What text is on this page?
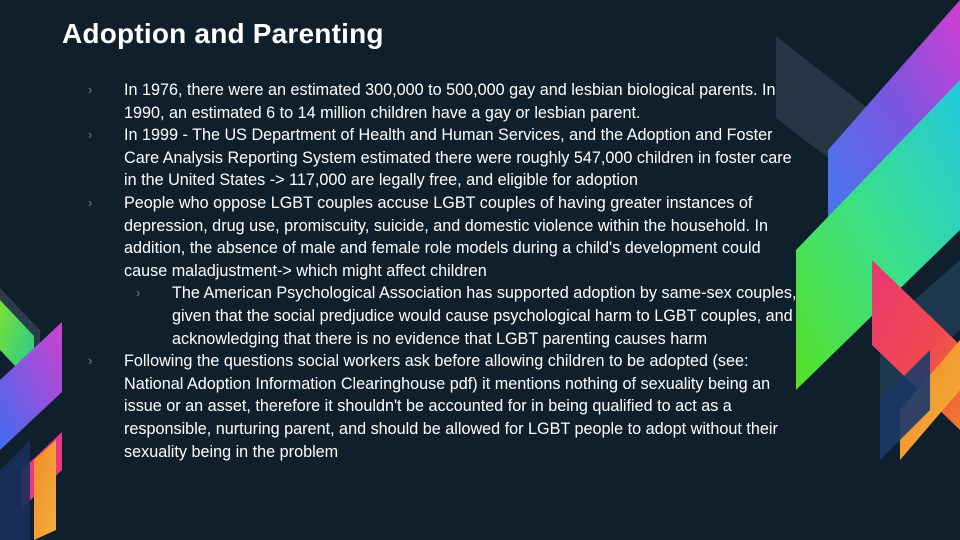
Adoption and Parenting
› In 1976, there were an estimated 300,000 to 500,000 gay and lesbian biological parents. In 1990, an estimated 6 to 14 million children have a gay or lesbian parent.
› In 1999 - The US Department of Health and Human Services, and the Adoption and Foster Care Analysis Reporting System estimated there were roughly 547,000 children in foster care in the United States -> 117,000 are legally free, and eligible for adoption
› People who oppose LGBT couples accuse LGBT couples of having greater instances of depression, drug use, promiscuity, suicide, and domestic violence within the household. In addition, the absence of male and female role models during a child's development could cause maladjustment-> which might affect children
› The American Psychological Association has supported adoption by same-sex couples, given that the social predjudice would cause psychological harm to LGBT couples, and acknowledging that there is no evidence that LGBT parenting causes harm
› Following the questions social workers ask before allowing children to be adopted (see: National Adoption Information Clearinghouse pdf) it mentions nothing of sexuality being an issue or an asset, therefore it shouldn't be accounted for in being qualified to act as a responsible, nurturing parent, and should be allowed for LGBT people to adopt without their sexuality being in the problem
